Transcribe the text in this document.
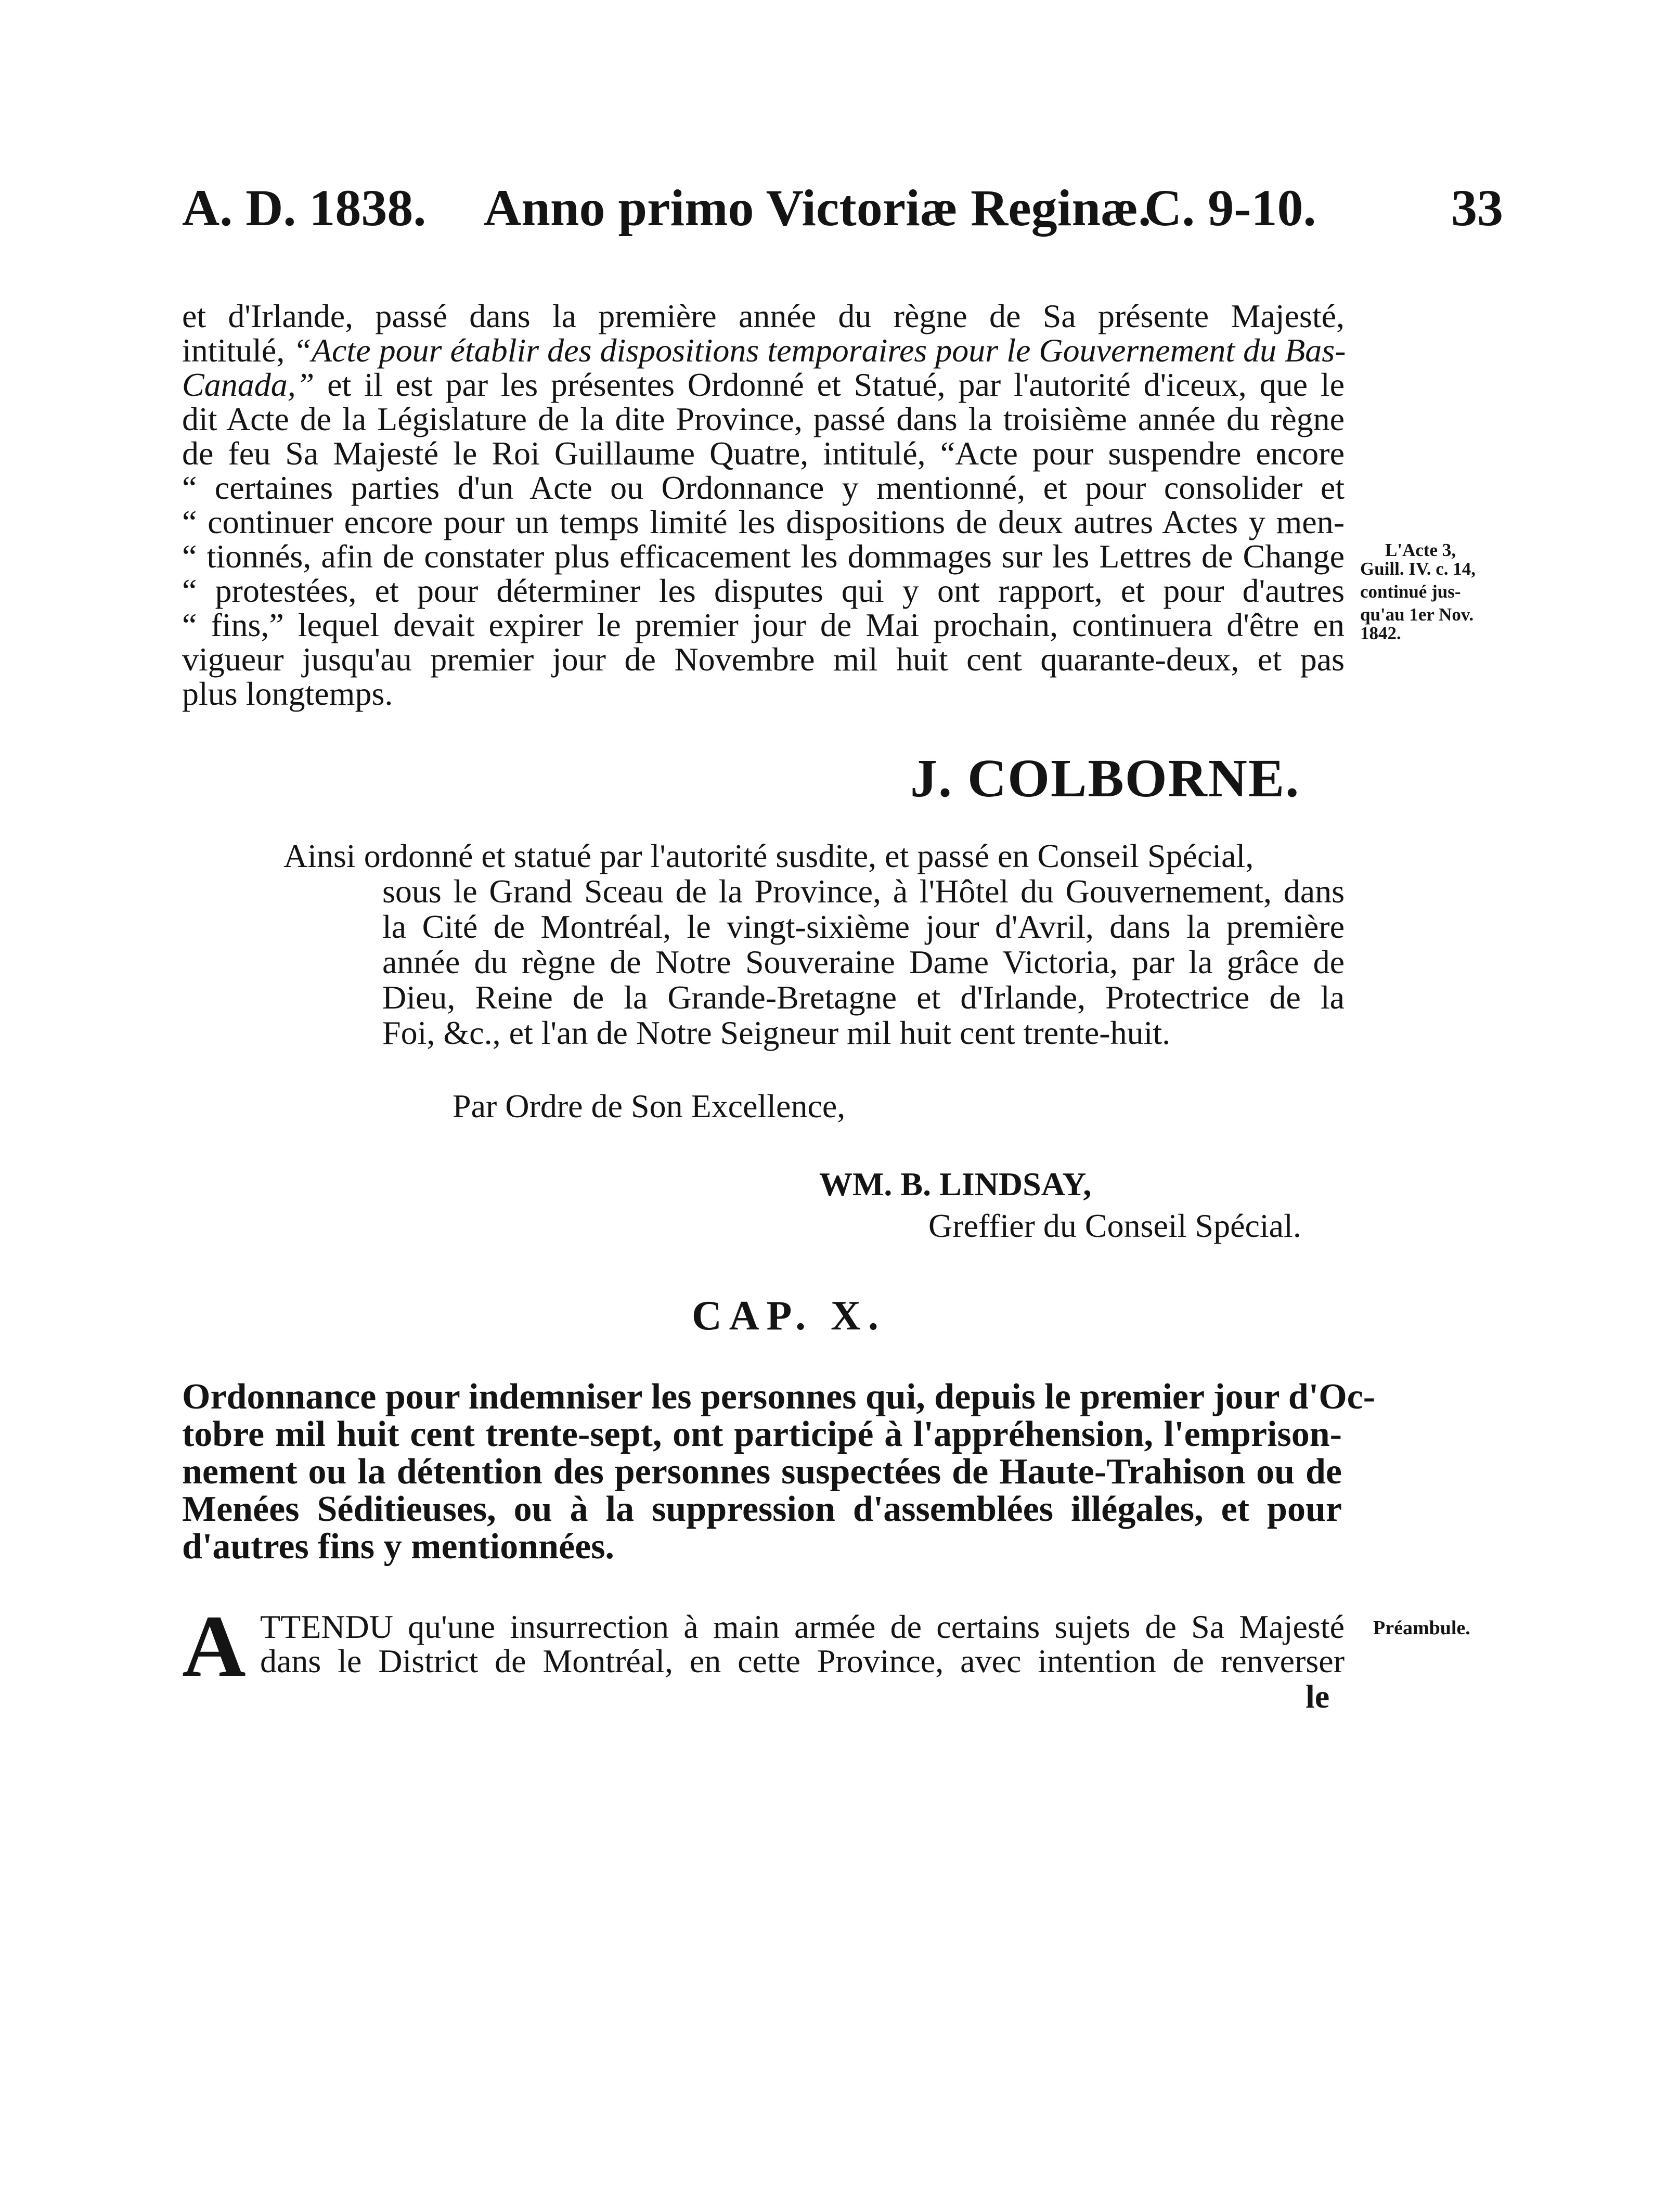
A. D. 1838. Anno primo Victoriæ Reginæ.
C. 9-10.	33
et d'Irlande, passé dans la première année du règne de Sa présente Majesté,
intitulé, “Acte pour établir des dispositions temporaires pour le Gouvernement du Bas-
Canada,” et il est par les présentes Ordonné et Statué, par l'autorité d'iceux, que le
dit Acte de la Législature de la dite Province, passé dans la troisième année du règne
de feu Sa Majesté le Roi Guillaume Quatre, intitulé, “Acte pour suspendre encore
“ certaines parties d'un Acte ou Ordonnance y mentionné, et pour consolider et
“ continuer encore pour un temps limité les dispositions de deux autres Actes y men-
“ tionnés, afin de constater plus efficacement les dommages sur les Lettres de Change
“ protestées, et pour déterminer les disputes qui y ont rapport, et pour d'autres
“ fins,” lequel devait expirer le premier jour de Mai prochain, continuera d'être en
vigueur jusqu'au premier jour de Novembre mil huit cent quarante-deux, et pas
plus longtemps.
L'Acte 3,
Guill. IV. c. 14,
continué jus-
qu'au 1er Nov.
1842.
J. COLBORNE.
Ainsi ordonné et statué par l'autorité susdite, et passé en Conseil Spécial,
sous le Grand Sceau de la Province, à l'Hôtel du Gouvernement, dans
la Cité de Montréal, le vingt-sixième jour d'Avril, dans la première
année du règne de Notre Souveraine Dame Victoria, par la grâce de
Dieu, Reine de la Grande-Bretagne et d'Irlande, Protectrice de la
Foi, &c., et l'an de Notre Seigneur mil huit cent trente-huit.
Par Ordre de Son Excellence,
WM. B. LINDSAY,
Greffier du Conseil Spécial.
CAP. X.
Ordonnance pour indemniser les personnes qui, depuis le premier jour d'Oc-
tobre mil huit cent trente-sept, ont participé à l'appréhension, l'emprison-
nement ou la détention des personnes suspectées de Haute-Trahison ou de
Menées Séditieuses, ou à la suppression d'assemblées illégales, et pour
d'autres fins y mentionnées.
A TTENDU qu'une insurrection à main armée de certains sujets de Sa Majesté
dans le District de Montréal, en cette Province, avec intention de renverser
le
Préambule.
